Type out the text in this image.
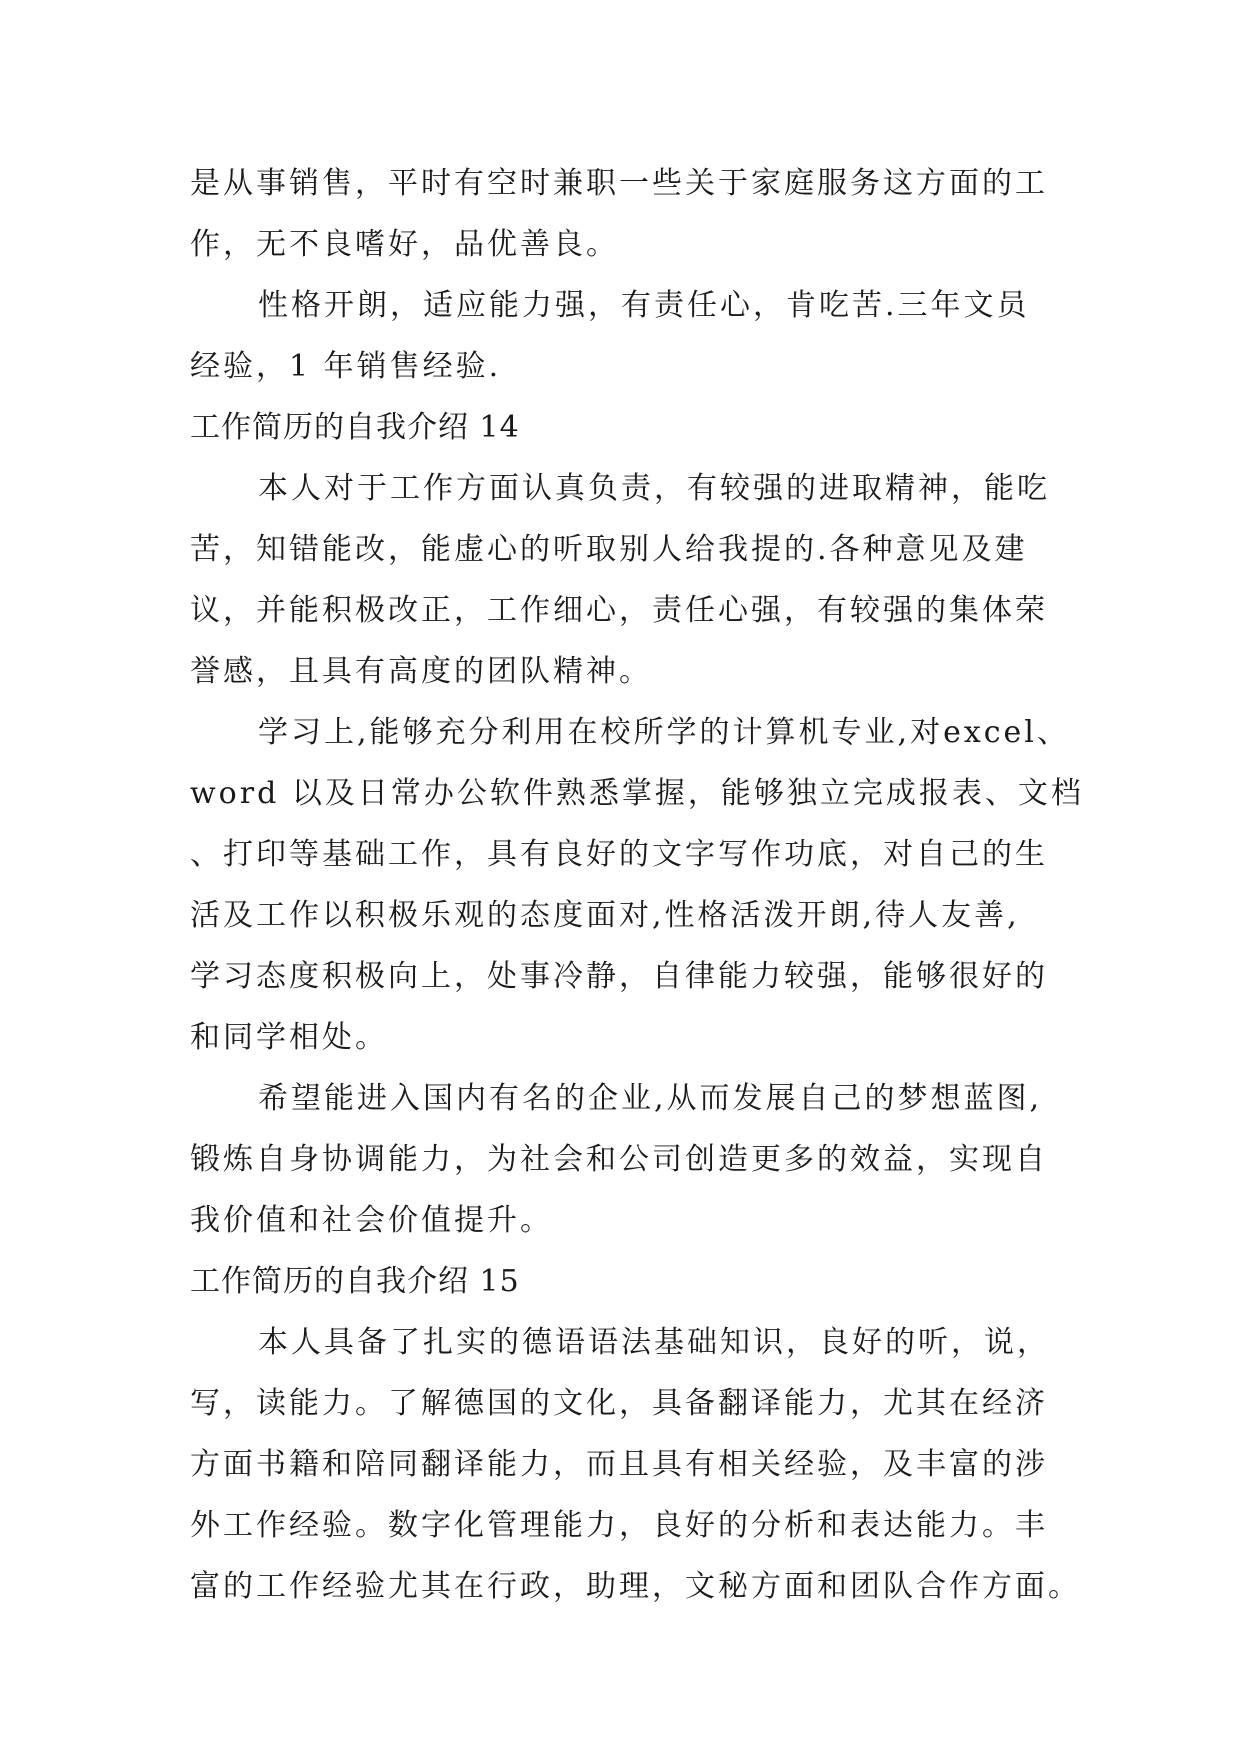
是从事销售，平时有空时兼职一些关于家庭服务这方面的工
作，无不良嗜好，品优善良。
性格开朗，适应能力强，有责任心，肯吃苦.三年文员
经验，1 年销售经验.
工作简历的自我介绍 14
本人对于工作方面认真负责，有较强的进取精神，能吃
苦，知错能改，能虚心的听取别人给我提的.各种意见及建
议，并能积极改正，工作细心，责任心强，有较强的集体荣
誉感，且具有高度的团队精神。
学习上,能够充分利用在校所学的计算机专业,对excel、
word 以及日常办公软件熟悉掌握，能够独立完成报表、文档
、打印等基础工作，具有良好的文字写作功底，对自己的生
活及工作以积极乐观的态度面对,性格活泼开朗,待人友善,
学习态度积极向上，处事冷静，自律能力较强，能够很好的
和同学相处。
希望能进入国内有名的企业,从而发展自己的梦想蓝图,
锻炼自身协调能力，为社会和公司创造更多的效益，实现自
我价值和社会价值提升。
工作简历的自我介绍 15
本人具备了扎实的德语语法基础知识，良好的听，说，
写，读能力。了解德国的文化，具备翻译能力，尤其在经济
方面书籍和陪同翻译能力，而且具有相关经验，及丰富的涉
外工作经验。数字化管理能力，良好的分析和表达能力。丰
富的工作经验尤其在行政，助理，文秘方面和团队合作方面。
